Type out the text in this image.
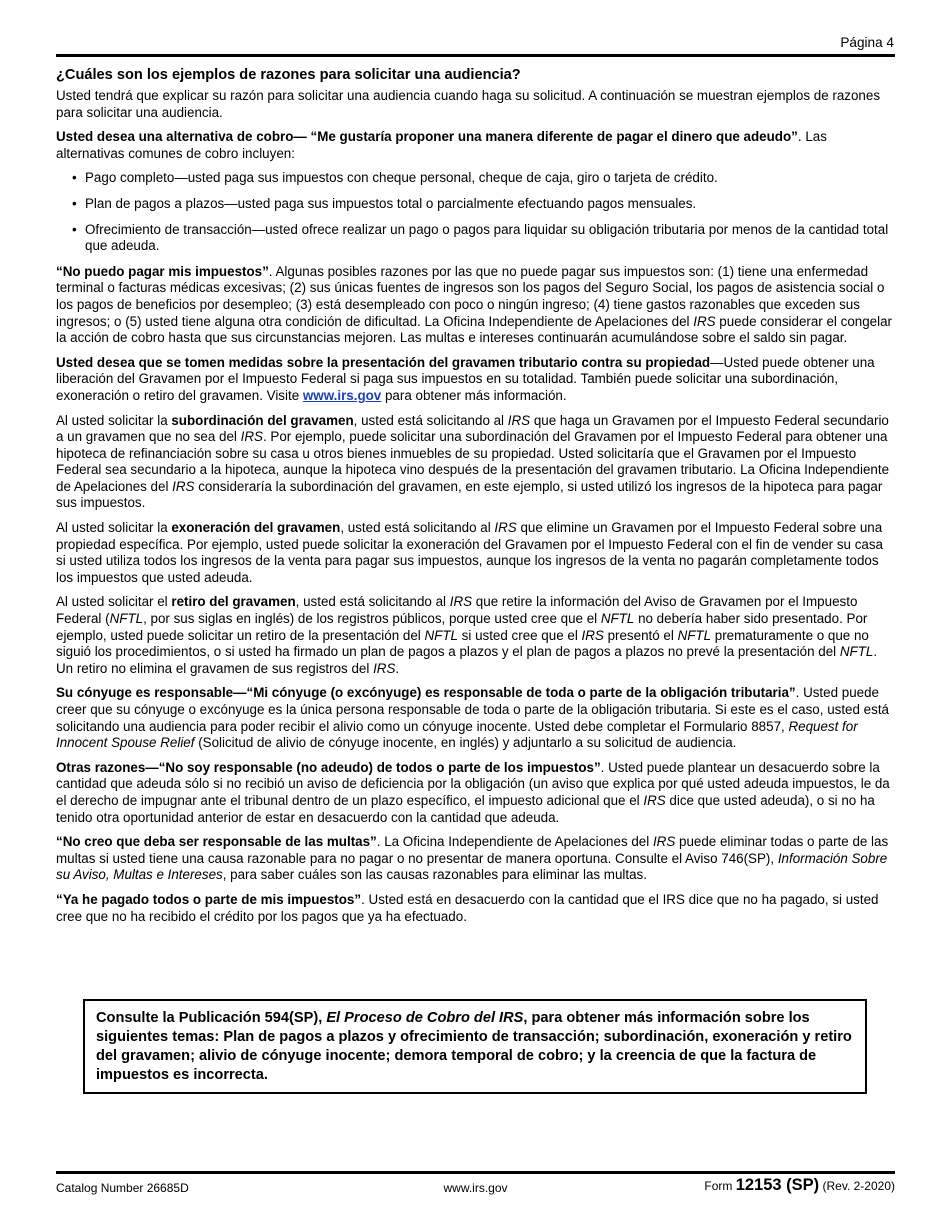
Página 4
¿Cuáles son los ejemplos de razones para solicitar una audiencia?

Usted tendrá que explicar su razón para solicitar una audiencia cuando haga su solicitud. A continuación se muestran ejemplos de razones para solicitar una audiencia.

Usted desea una alternativa de cobro— “Me gustaría proponer una manera diferente de pagar el dinero que adeudo”. Las alternativas comunes de cobro incluyen:

• Pago completo—usted paga sus impuestos con cheque personal, cheque de caja, giro o tarjeta de crédito.
• Plan de pagos a plazos—usted paga sus impuestos total o parcialmente efectuando pagos mensuales.
• Ofrecimiento de transacción—usted ofrece realizar un pago o pagos para liquidar su obligación tributaria por menos de la cantidad total que adeuda.

“No puedo pagar mis impuestos”. Algunas posibles razones por las que no puede pagar sus impuestos son: (1) tiene una enfermedad terminal o facturas médicas excesivas; (2) sus únicas fuentes de ingresos son los pagos del Seguro Social, los pagos de asistencia social o los pagos de beneficios por desempleo; (3) está desempleado con poco o ningún ingreso; (4) tiene gastos razonables que exceden sus ingresos; o (5) usted tiene alguna otra condición de dificultad. La Oficina Independiente de Apelaciones del IRS puede considerar el congelar la acción de cobro hasta que sus circunstancias mejoren. Las multas e intereses continuarán acumulándose sobre el saldo sin pagar.

Usted desea que se tomen medidas sobre la presentación del gravamen tributario contra su propiedad—Usted puede obtener una liberación del Gravamen por el Impuesto Federal si paga sus impuestos en su totalidad. También puede solicitar una subordinación, exoneración o retiro del gravamen. Visite www.irs.gov para obtener más información.

Al usted solicitar la subordinación del gravamen, usted está solicitando al IRS que haga un Gravamen por el Impuesto Federal secundario a un gravamen que no sea del IRS. Por ejemplo, puede solicitar una subordinación del Gravamen por el Impuesto Federal para obtener una hipoteca de refinanciación sobre su casa u otros bienes inmuebles de su propiedad. Usted solicitaría que el Gravamen por el Impuesto Federal sea secundario a la hipoteca, aunque la hipoteca vino después de la presentación del gravamen tributario. La Oficina Independiente de Apelaciones del IRS consideraría la subordinación del gravamen, en este ejemplo, si usted utilizó los ingresos de la hipoteca para pagar sus impuestos.

Al usted solicitar la exoneración del gravamen, usted está solicitando al IRS que elimine un Gravamen por el Impuesto Federal sobre una propiedad específica. Por ejemplo, usted puede solicitar la exoneración del Gravamen por el Impuesto Federal con el fin de vender su casa si usted utiliza todos los ingresos de la venta para pagar sus impuestos, aunque los ingresos de la venta no pagarán completamente todos los impuestos que usted adeuda.

Al usted solicitar el retiro del gravamen, usted está solicitando al IRS que retire la información del Aviso de Gravamen por el Impuesto Federal (NFTL, por sus siglas en inglés) de los registros públicos, porque usted cree que el NFTL no debería haber sido presentado. Por ejemplo, usted puede solicitar un retiro de la presentación del NFTL si usted cree que el IRS presentó el NFTL prematuramente o que no siguió los procedimientos, o si usted ha firmado un plan de pagos a plazos y el plan de pagos a plazos no prevé la presentación del NFTL. Un retiro no elimina el gravamen de sus registros del IRS.

Su cónyuge es responsable—“Mi cónyuge (o excónyuge) es responsable de toda o parte de la obligación tributaria”. Usted puede creer que su cónyuge o excónyuge es la única persona responsable de toda o parte de la obligación tributaria. Si este es el caso, usted está solicitando una audiencia para poder recibir el alivio como un cónyuge inocente. Usted debe completar el Formulario 8857, Request for Innocent Spouse Relief (Solicitud de alivio de cónyuge inocente, en inglés) y adjuntarlo a su solicitud de audiencia.

Otras razones—“No soy responsable (no adeudo) de todos o parte de los impuestos”. Usted puede plantear un desacuerdo sobre la cantidad que adeuda sólo si no recibió un aviso de deficiencia por la obligación (un aviso que explica por qué usted adeuda impuestos, le da el derecho de impugnar ante el tribunal dentro de un plazo específico, el impuesto adicional que el IRS dice que usted adeuda), o si no ha tenido otra oportunidad anterior de estar en desacuerdo con la cantidad que adeuda.

“No creo que deba ser responsable de las multas”. La Oficina Independiente de Apelaciones del IRS puede eliminar todas o parte de las multas si usted tiene una causa razonable para no pagar o no presentar de manera oportuna. Consulte el Aviso 746(SP), Información Sobre su Aviso, Multas e Intereses, para saber cuáles son las causas razonables para eliminar las multas.

“Ya he pagado todos o parte de mis impuestos”. Usted está en desacuerdo con la cantidad que el IRS dice que no ha pagado, si usted cree que no ha recibido el crédito por los pagos que ya ha efectuado.

Consulte la Publicación 594(SP), El Proceso de Cobro del IRS, para obtener más información sobre los siguientes temas: Plan de pagos a plazos y ofrecimiento de transacción; subordinación, exoneración y retiro del gravamen; alivio de cónyuge inocente; demora temporal de cobro; y la creencia de que la factura de impuestos es incorrecta.
Catalog Number 26685D	www.irs.gov	Form 12153 (SP) (Rev. 2-2020)
